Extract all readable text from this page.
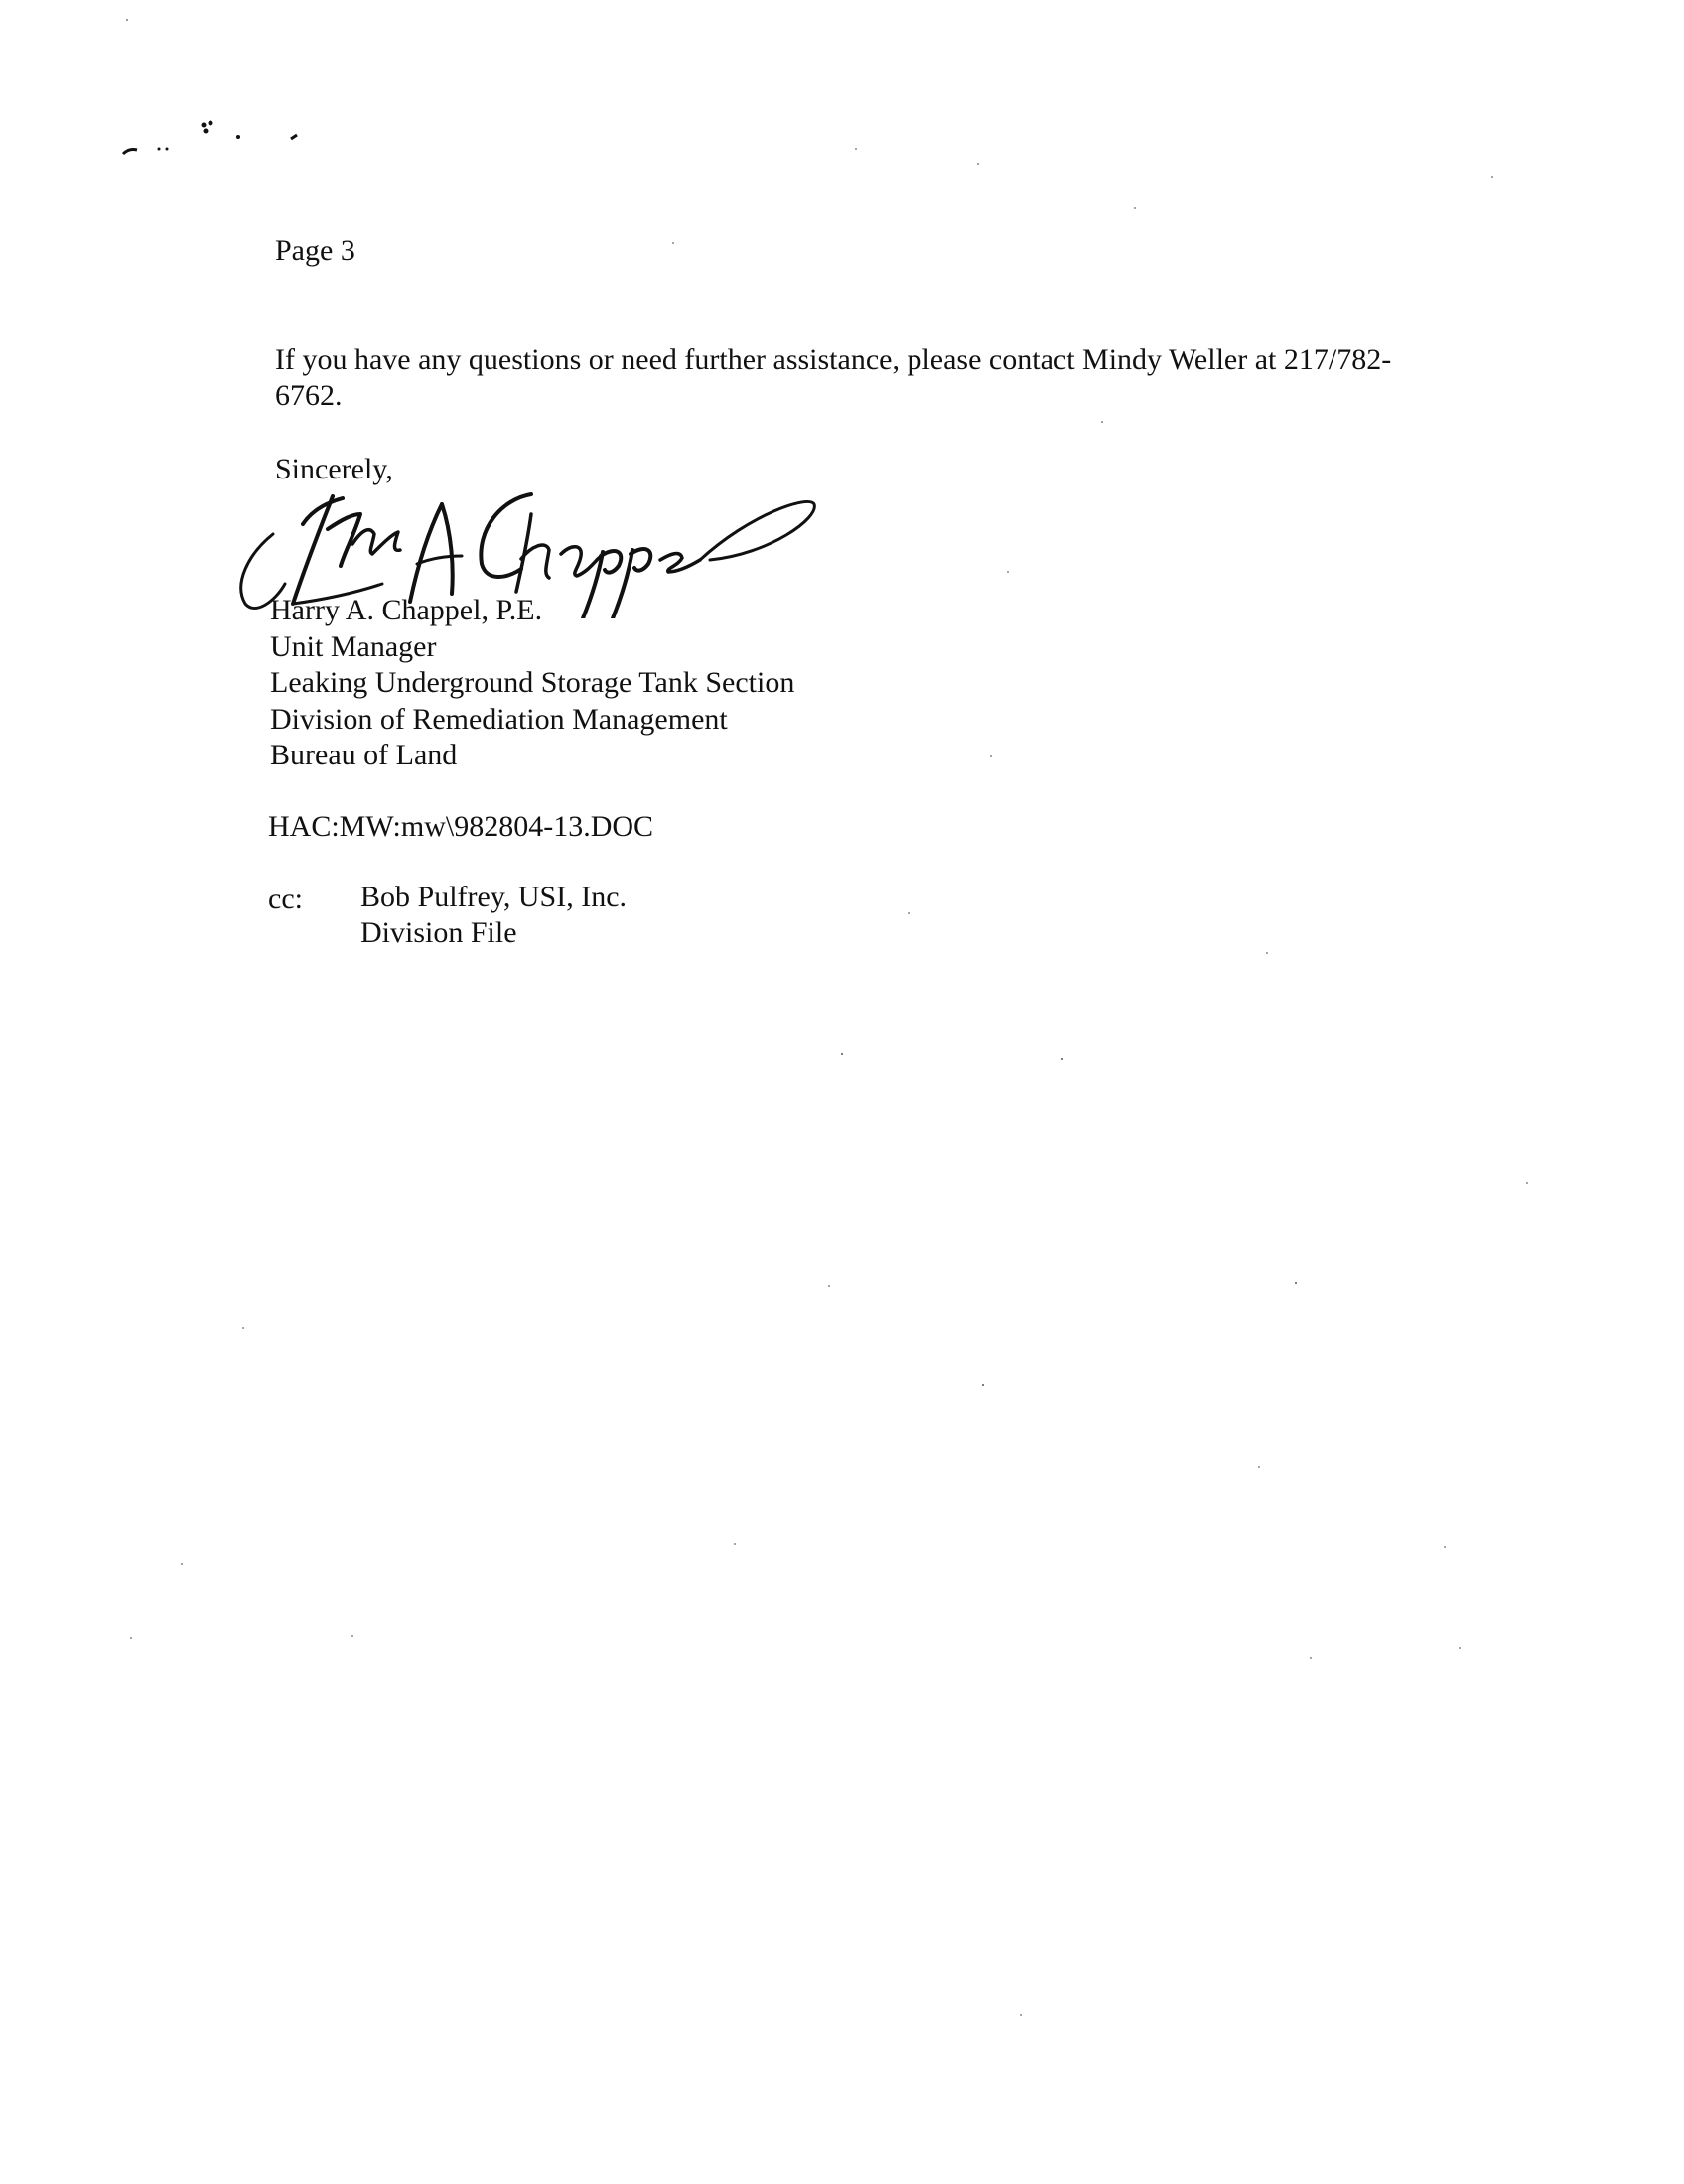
Page 3
If you have any questions or need further assistance, please contact Mindy Weller at 217/782-
6762.
Sincerely,
Harry A. Chappel, P.E.
Unit Manager
Leaking Underground Storage Tank Section
Division of Remediation Management
Bureau of Land
HAC:MW:mw\982804-13.DOC
cc: Bob Pulfrey, USI, Inc.
Division File
